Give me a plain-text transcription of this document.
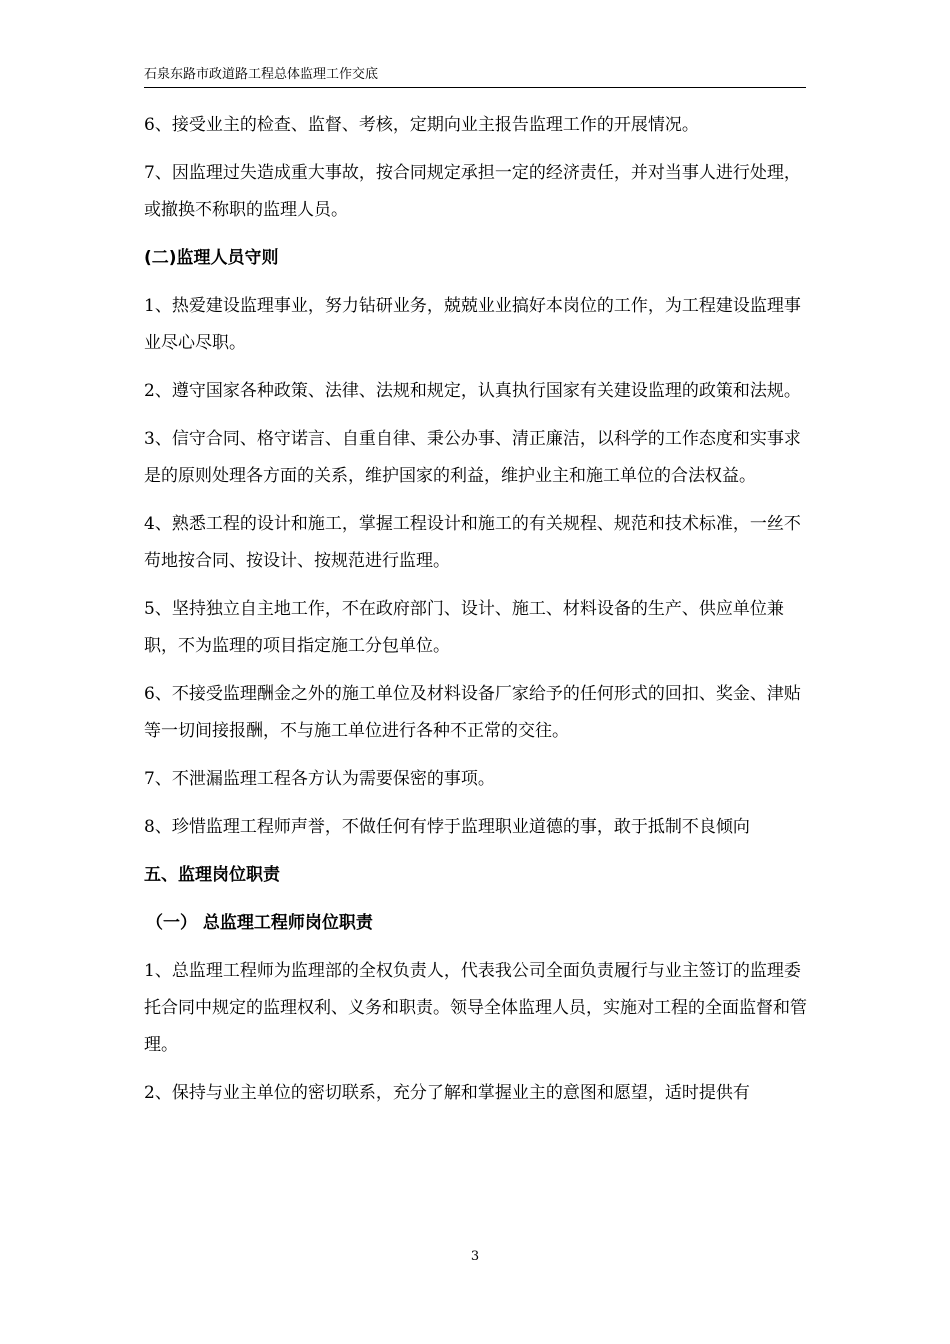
石泉东路市政道路工程总体监理工作交底

6、接受业主的检查、监督、考核，定期向业主报告监理工作的开展情况。

7、因监理过失造成重大事故，按合同规定承担一定的经济责任，并对当事人进行处理，或撤换不称职的监理人员。

(二)监理人员守则

1、热爱建设监理事业，努力钻研业务，兢兢业业搞好本岗位的工作，为工程建设监理事业尽心尽职。

2、遵守国家各种政策、法律、法规和规定，认真执行国家有关建设监理的政策和法规。

3、信守合同、格守诺言、自重自律、秉公办事、清正廉洁，以科学的工作态度和实事求是的原则处理各方面的关系，维护国家的利益，维护业主和施工单位的合法权益。

4、熟悉工程的设计和施工，掌握工程设计和施工的有关规程、规范和技术标准，一丝不苟地按合同、按设计、按规范进行监理。

5、坚持独立自主地工作，不在政府部门、设计、施工、材料设备的生产、供应单位兼职，不为监理的项目指定施工分包单位。

6、不接受监理酬金之外的施工单位及材料设备厂家给予的任何形式的回扣、奖金、津贴等一切间接报酬，不与施工单位进行各种不正常的交往。

7、不泄漏监理工程各方认为需要保密的事项。

8、珍惜监理工程师声誉，不做任何有悖于监理职业道德的事，敢于抵制不良倾向

五、监理岗位职责

（一） 总监理工程师岗位职责

1、总监理工程师为监理部的全权负责人，代表我公司全面负责履行与业主签订的监理委托合同中规定的监理权利、义务和职责。领导全体监理人员，实施对工程的全面监督和管理。

2、保持与业主单位的密切联系，充分了解和掌握业主的意图和愿望，适时提供有

3
